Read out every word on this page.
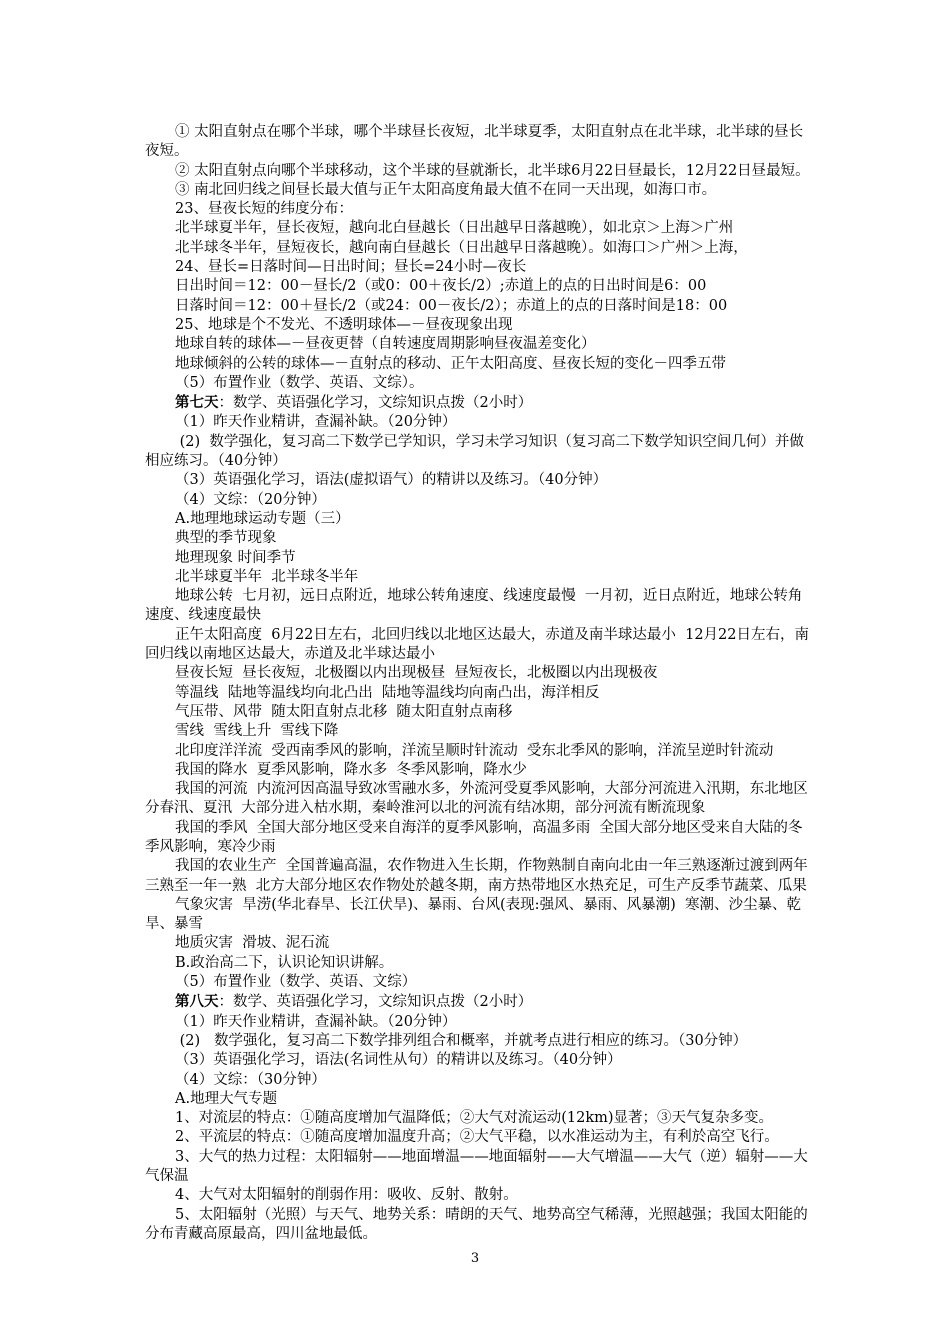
① 太阳直射点在哪个半球，哪个半球昼长夜短，北半球夏季，太阳直射点在北半球，北半球的昼长夜短。

② 太阳直射点向哪个半球移动，这个半球的昼就渐长，北半球6月22日昼最长，12月22日昼最短。

③ 南北回归线之间昼长最大值与正午太阳高度角最大值不在同一天出现，如海口市。

23、昼夜长短的纬度分布：

北半球夏半年，昼长夜短，越向北白昼越长（日出越早日落越晚），如北京＞上海＞广州

北半球冬半年，昼短夜长，越向南白昼越长（日出越早日落越晚）。如海口＞广州＞上海，

24、昼长=日落时间—日出时间；昼长=24小时—夜长

日出时间＝12：00－昼长/2（或0：00＋夜长/2）;赤道上的点的日出时间是6：00

日落时间＝12：00＋昼长/2（或24：00－夜长/2）；赤道上的点的日落时间是18：00

25、地球是个不发光、不透明球体—－昼夜现象出现

地球自转的球体—－昼夜更替（自转速度周期影响昼夜温差变化）

地球倾斜的公转的球体—－直射点的移动、正午太阳高度、昼夜长短的变化－四季五带

（5）布置作业（数学、英语、文综）。

第七天：数学、英语强化学习，文综知识点拨（2小时）

（1）昨天作业精讲，查漏补缺。（20分钟）

(2)  数学强化，复习高二下数学已学知识，学习未学习知识（复习高二下数学知识空间几何）并做相应练习。（40分钟）

（3）英语强化学习，语法(虚拟语气）的精讲以及练习。（40分钟）

（4）文综：（20分钟）

A.地理地球运动专题（三）

典型的季节现象

地理现象 时间季节

北半球夏半年  北半球冬半年

地球公转  七月初，远日点附近，地球公转角速度、线速度最慢  一月初，近日点附近，地球公转角速度、线速度最快

正午太阳高度  6月22日左右，北回归线以北地区达最大，赤道及南半球达最小  12月22日左右，南回归线以南地区达最大，赤道及北半球达最小

昼夜长短  昼长夜短，北极圈以内出现极昼  昼短夜长，北极圈以内出现极夜

等温线  陆地等温线均向北凸出  陆地等温线均向南凸出，海洋相反

气压带、风带  随太阳直射点北移  随太阳直射点南移

雪线  雪线上升  雪线下降

北印度洋洋流  受西南季风的影响，洋流呈顺时针流动  受东北季风的影响，洋流呈逆时针流动

我国的降水  夏季风影响，降水多  冬季风影响，降水少

我国的河流  内流河因高温导致冰雪融水多，外流河受夏季风影响，大部分河流进入汛期，东北地区分春汛、夏汛  大部分进入枯水期，秦岭淮河以北的河流有结冰期，部分河流有断流现象

我国的季风  全国大部分地区受来自海洋的夏季风影响，高温多雨  全国大部分地区受来自大陆的冬季风影响，寒冷少雨

我国的农业生产  全国普遍高温，农作物进入生长期，作物熟制自南向北由一年三熟逐渐过渡到两年三熟至一年一熟  北方大部分地区农作物处於越冬期，南方热带地区水热充足，可生产反季节蔬菜、瓜果

气象灾害  旱涝(华北春旱、长江伏旱)、暴雨、台风(表现:强风、暴雨、风暴潮)  寒潮、沙尘暴、乾旱、暴雪

地质灾害  滑坡、泥石流

B.政治高二下，认识论知识讲解。

（5）布置作业（数学、英语、文综）

第八天：数学、英语强化学习，文综知识点拨（2小时）

（1）昨天作业精讲，查漏补缺。（20分钟）

(2)   数学强化，复习高二下数学排列组合和概率，并就考点进行相应的练习。（30分钟）

（3）英语强化学习，语法(名词性从句）的精讲以及练习。（40分钟）

（4）文综：（30分钟）

A.地理大气专题

1、对流层的特点：①随高度增加气温降低；②大气对流运动(12km)显著；③天气复杂多变。

2、平流层的特点：①随高度增加温度升高；②大气平稳，以水准运动为主，有利於高空飞行。

3、大气的热力过程：太阳辐射——地面增温——地面辐射——大气增温——大气（逆）辐射——大气保温

4、大气对太阳辐射的削弱作用：吸收、反射、散射。

5、太阳辐射（光照）与天气、地势关系：晴朗的天气、地势高空气稀薄，光照越强；我国太阳能的分布青藏高原最高，四川盆地最低。

3
